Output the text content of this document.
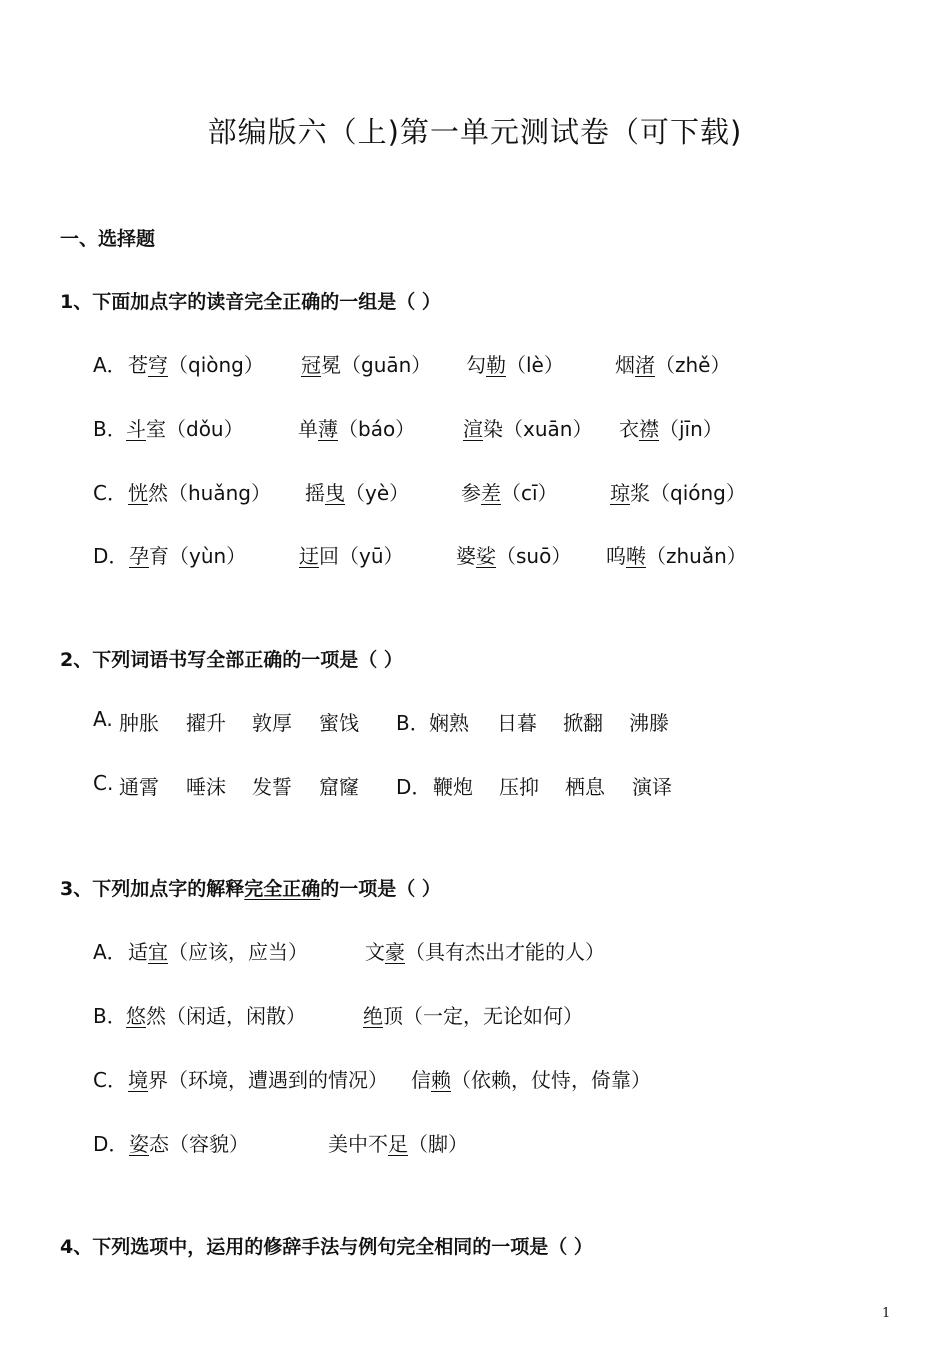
部编版六（上)第一单元测试卷（可下载)
一、选择题
1、下面加点字的读音完全正确的一组是（ ）
A． 苍穹（qiòng） 冠冕（guān） 勾勒（lè）	烟渚（zhě）
B． 斗室（dǒu）	单薄（báo） 渲染（xuān） 衣襟（jīn）
C． 恍然（huǎng） 摇曳（yè）	参差（cī）	琼浆（qióng）
D． 孕育（yùn）	迂回（yū）	婆娑（suō） 呜啭（zhuǎn）
2、下列词语书写全部正确的一项是（ ）
A. 肿胀 擢升 敦厚 蜜饯 B． 娴熟 日暮 掀翻 沸滕
C. 通霄 唾沫 发誓 窟窿 D． 鞭炮 压抑 栖息 演译
3、下列加点字的解释完全正确的一项是（ ）
A． 适宜（应该，应当）	文豪（具有杰出才能的人）
B． 悠然（闲适，闲散）	绝顶（一定，无论如何）
C． 境界（环境，遭遇到的情况） 信赖（依赖，仗恃，倚靠）
D． 姿态（容貌）	美中不足（脚）
4、下列选项中，运用的修辞手法与例句完全相同的一项是（ ）
1
